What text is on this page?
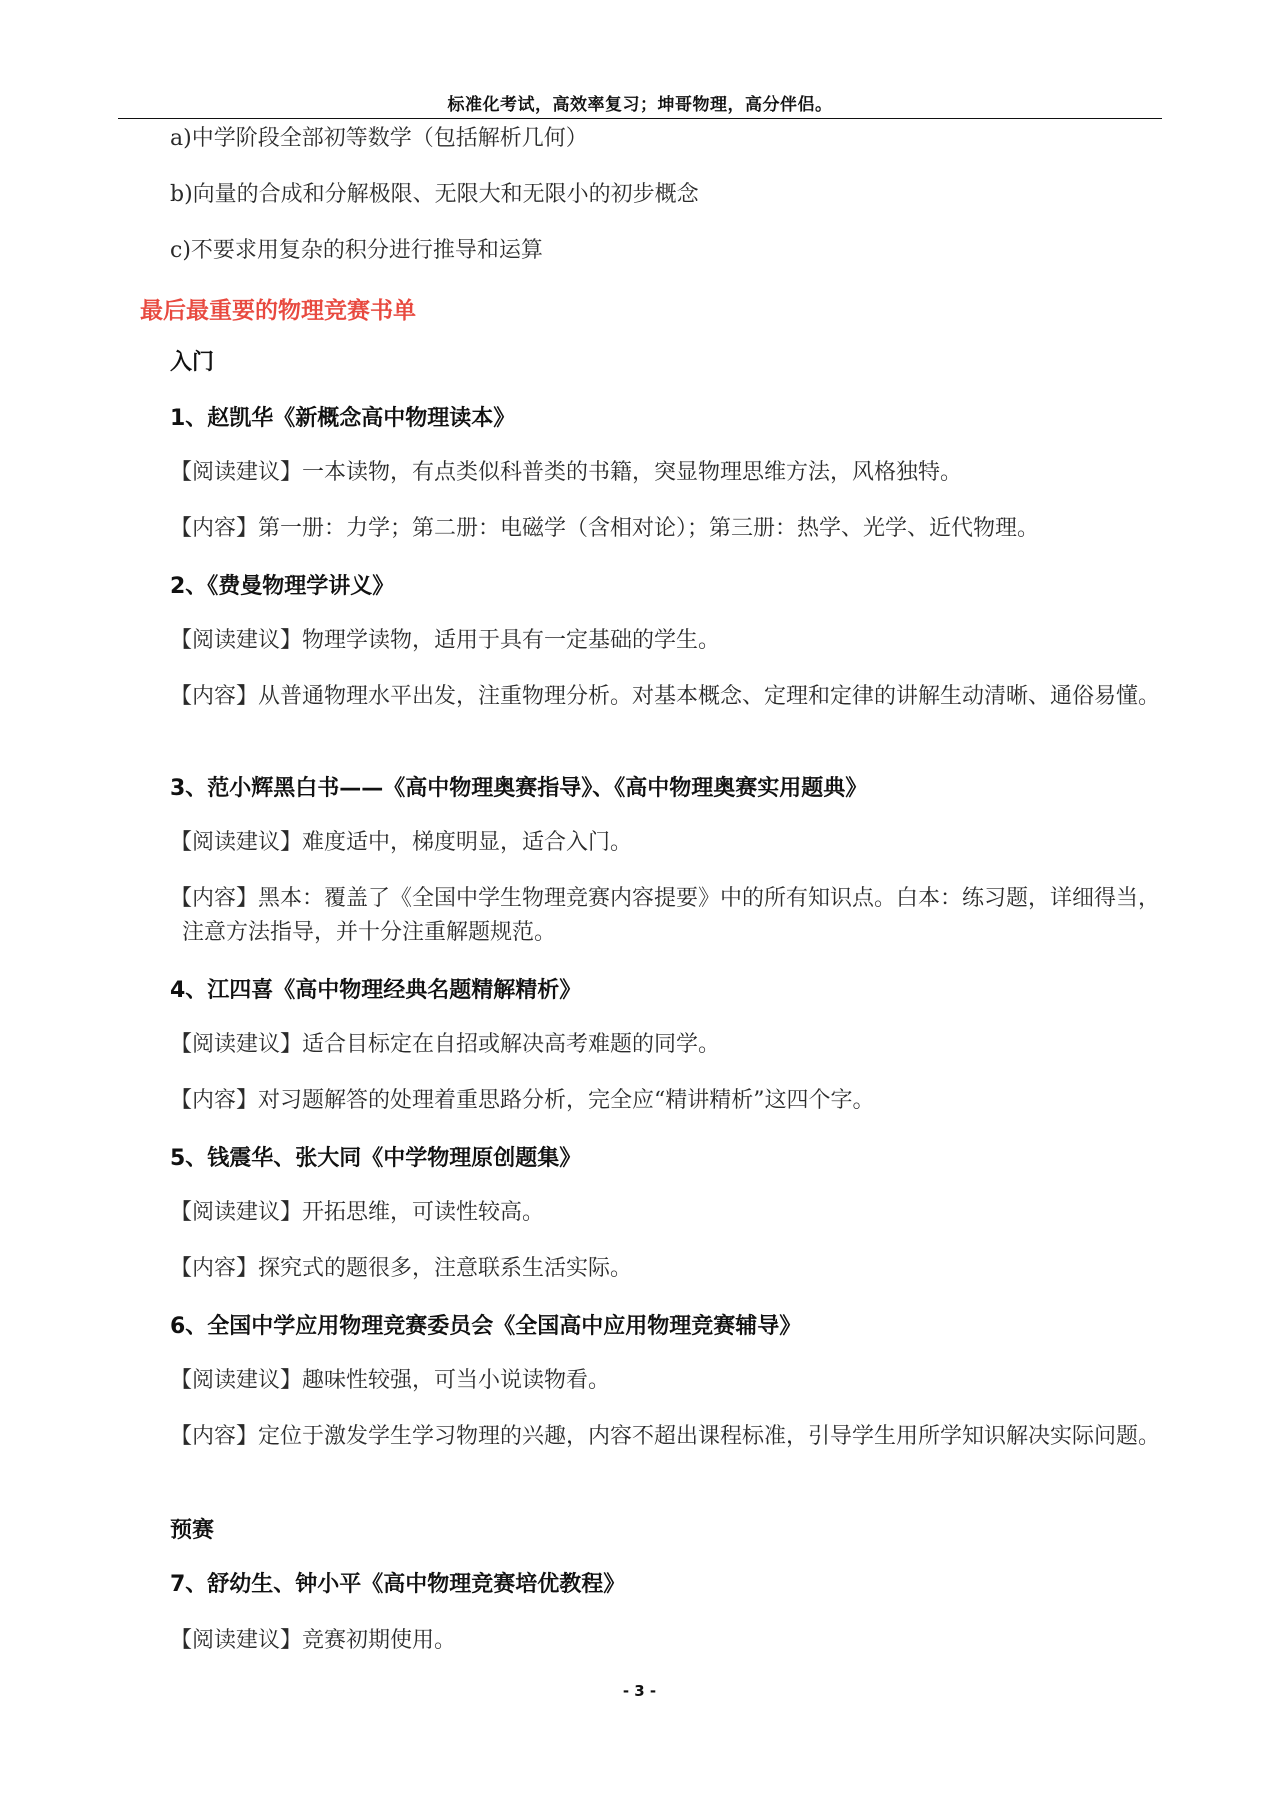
标准化考试，高效率复习；坤哥物理，高分伴侣。
a)中学阶段全部初等数学（包括解析几何）
b)向量的合成和分解极限、无限大和无限小的初步概念
c)不要求用复杂的积分进行推导和运算
最后最重要的物理竞赛书单
入门
1、赵凯华《新概念高中物理读本》
【阅读建议】一本读物，有点类似科普类的书籍，突显物理思维方法，风格独特。
【内容】第一册：力学；第二册：电磁学（含相对论）；第三册：热学、光学、近代物理。
2、《费曼物理学讲义》
【阅读建议】物理学读物，适用于具有一定基础的学生。
【内容】从普通物理水平出发，注重物理分析。对基本概念、定理和定律的讲解生动清晰、通俗易懂。
3、范小辉黑白书——《高中物理奥赛指导》、《高中物理奥赛实用题典》
【阅读建议】难度适中，梯度明显，适合入门。
【内容】黑本：覆盖了《全国中学生物理竞赛内容提要》中的所有知识点。白本：练习题，详细得当，注意方法指导，并十分注重解题规范。
4、江四喜《高中物理经典名题精解精析》
【阅读建议】适合目标定在自招或解决高考难题的同学。
【内容】对习题解答的处理着重思路分析，完全应“精讲精析”这四个字。
5、钱震华、张大同《中学物理原创题集》
【阅读建议】开拓思维，可读性较高。
【内容】探究式的题很多，注意联系生活实际。
6、全国中学应用物理竞赛委员会《全国高中应用物理竞赛辅导》
【阅读建议】趣味性较强，可当小说读物看。
【内容】定位于激发学生学习物理的兴趣，内容不超出课程标准，引导学生用所学知识解决实际问题。
预赛
7、舒幼生、钟小平《高中物理竞赛培优教程》
【阅读建议】竞赛初期使用。
- 3 -
